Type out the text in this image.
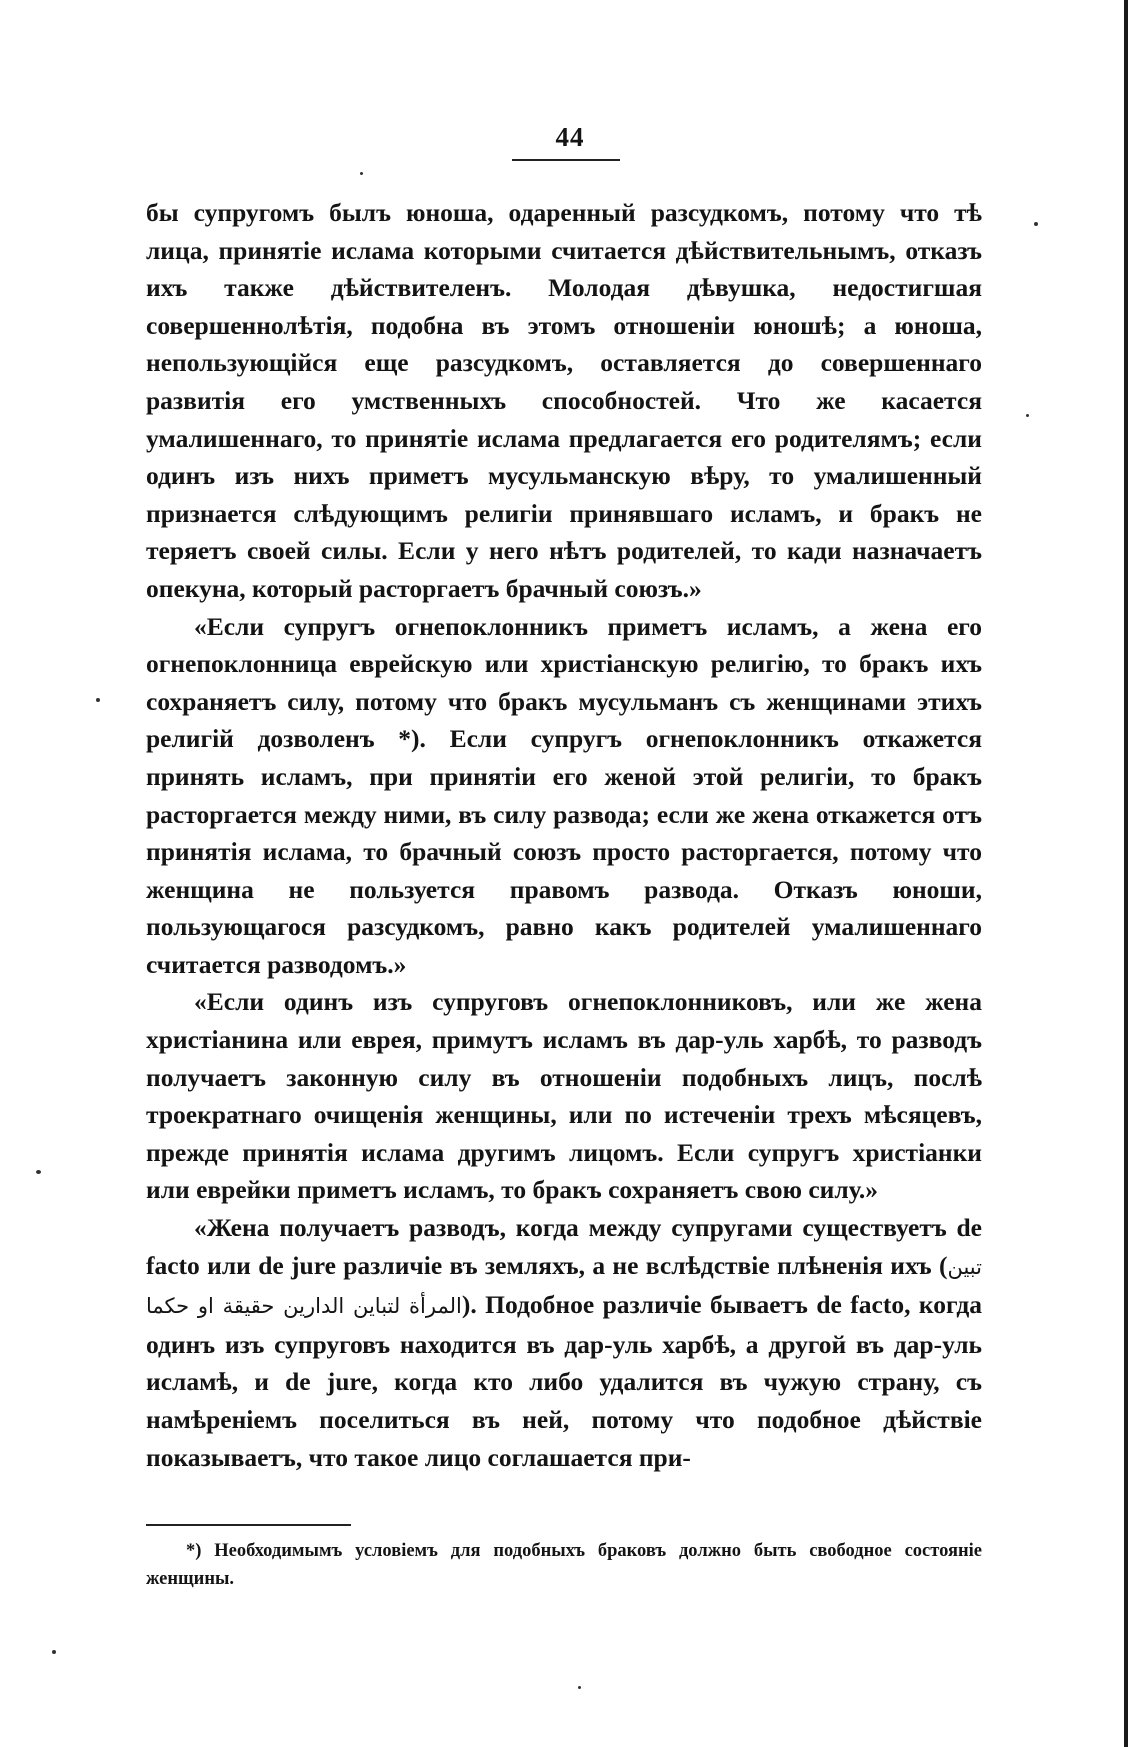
44

бы супругомъ былъ юноша, одаренный разсудкомъ, потому что тѣ лица, принятіе ислама которыми считается дѣйствительнымъ, отказъ ихъ также дѣйствителенъ. Молодая дѣвушка, недостигшая совершеннолѣтія, подобна въ этомъ отношеніи юношѣ; а юноша, непользующійся еще разсудкомъ, оставляется до совершеннаго развитія его умственныхъ способностей. Что же касается умалишеннаго, то принятіе ислама предлагается его родителямъ; если одинъ изъ нихъ приметъ мусульманскую вѣру, то умалишенный признается слѣдующимъ религіи принявшаго исламъ, и бракъ не теряетъ своей силы. Если у него нѣтъ родителей, то кади назначаетъ опекуна, который расторгаетъ брачный союзъ.»

«Если супругъ огнепоклонникъ приметъ исламъ, а жена его огнепоклонница еврейскую или христіанскую религію, то бракъ ихъ сохраняетъ силу, потому что бракъ мусульманъ съ женщинами этихъ религій дозволенъ *). Если супругъ огнепоклонникъ откажется принять исламъ, при принятіи его женой этой религіи, то бракъ расторгается между ними, въ силу развода; если же жена откажется отъ принятія ислама, то брачный союзъ просто расторгается, потому что женщина не пользуется правомъ развода. Отказъ юноши, пользующагося разсудкомъ, равно какъ родителей умалишеннаго считается разводомъ.»

«Если одинъ изъ супруговъ огнепоклонниковъ, или же жена христіанина или еврея, примутъ исламъ въ дар-уль харбѣ, то разводъ получаетъ законную силу въ отношеніи подобныхъ лицъ, послѣ троекратнаго очищенія женщины, или по истеченіи трехъ мѣсяцевъ, прежде принятія ислама другимъ лицомъ. Если супругъ христіанки или еврейки приметъ исламъ, то бракъ сохраняетъ свою силу.»

«Жена получаетъ разводъ, когда между супругами существуетъ de facto или de jure различіе въ земляхъ, а не вслѣдствіе плѣненія ихъ (تبين المرأة لتباين الدارين حقيقة او حكما). Подобное различіе бываетъ de facto, когда одинъ изъ супруговъ находится въ дар-уль харбѣ, а другой въ дар-уль исламѣ, и de jure, когда кто либо удалится въ чужую страну, съ намѣреніемъ поселиться въ ней, потому что подобное дѣйствіе показываетъ, что такое лицо соглашается при-

*) Необходимымъ условіемъ для подобныхъ браковъ должно быть свободное состояніе женщины.
